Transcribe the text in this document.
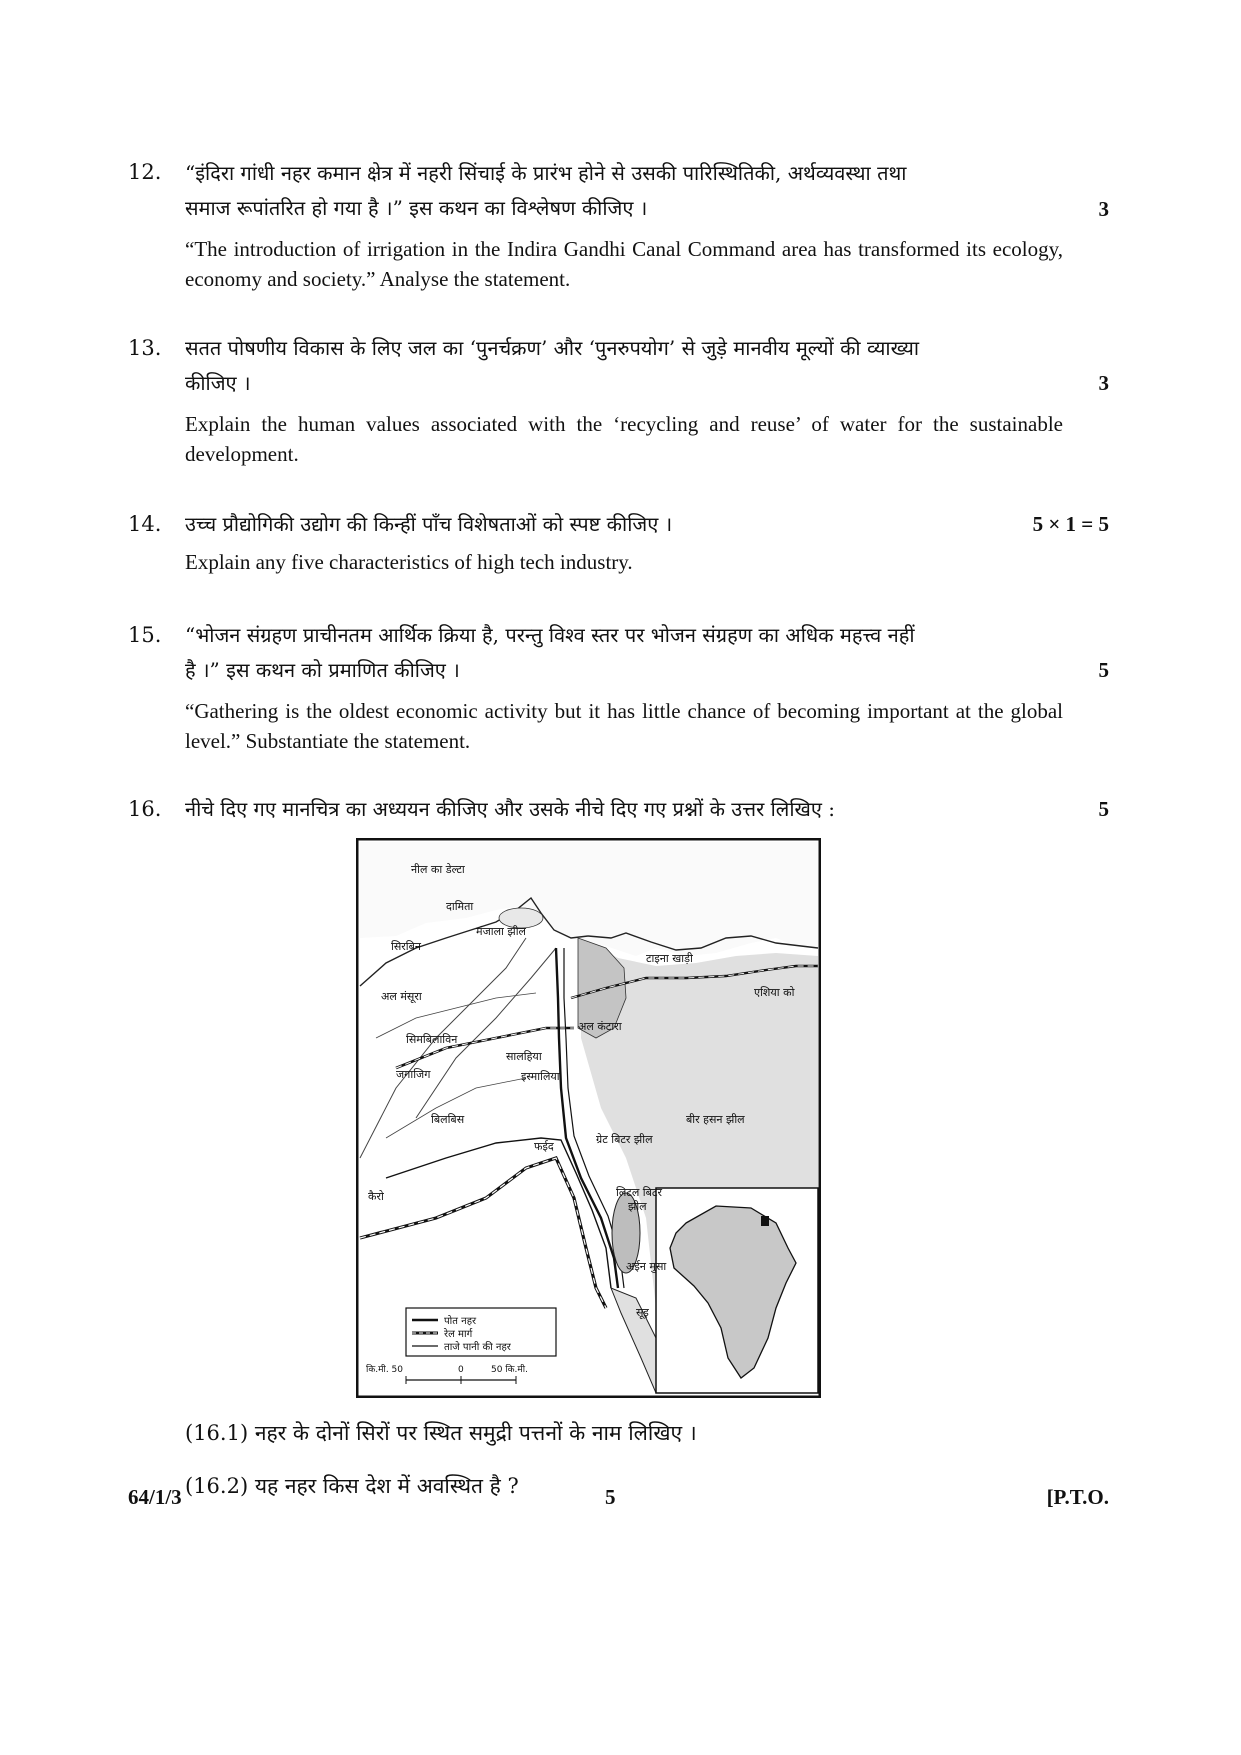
12. “इंदिरा गांधी नहर कमान क्षेत्र में नहरी सिंचाई के प्रारंभ होने से उसकी पारिस्थितिकी, अर्थव्यवस्था तथा
समाज रूपांतरित हो गया है ।” इस कथन का विश्लेषण कीजिए ।	3
“The introduction of irrigation in the Indira Gandhi Canal Command area has transformed its ecology, economy and society.” Analyse the statement.
13. सतत पोषणीय विकास के लिए जल का ‘पुनर्चक्रण’ और ‘पुनरुपयोग’ से जुड़े मानवीय मूल्यों की व्याख्या
कीजिए ।	3
Explain the human values associated with the ‘recycling and reuse’ of water for the sustainable development.
14. उच्च प्रौद्योगिकी उद्योग की किन्हीं पाँच विशेषताओं को स्पष्ट कीजिए ।	5 × 1 = 5
Explain any five characteristics of high tech industry.
15. “भोजन संग्रहण प्राचीनतम आर्थिक क्रिया है, परन्तु विश्व स्तर पर भोजन संग्रहण का अधिक महत्त्व नहीं
है ।” इस कथन को प्रमाणित कीजिए ।	5
“Gathering is the oldest economic activity but it has little chance of becoming important at the global level.” Substantiate the statement.
16. नीचे दिए गए मानचित्र का अध्ययन कीजिए और उसके नीचे दिए गए प्रश्नों के उत्तर लिखिए :	5
पोत नहर
रेल मार्ग
ताजे पानी की नहर
कि.मी. 50	0	50 कि.मी.
नील का डेल्टा
दामिता
मंजाला झील
सिरबिन
टाइना खाड़ी
अल मंसूरा	एशिया को
अल कंटारा
सिमबिलाविन
सालहिया
जगाजिग	इस्मालिया
बिलबिस	बीर हसन झील
फईद
ग्रेट बिटर झील
कैरो	लिटल बिटर
झील
अईन मुसा
सूइ
(16.1) नहर के दोनों सिरों पर स्थित समुद्री पत्तनों के नाम लिखिए ।
(16.2) यह नहर किस देश में अवस्थित है ?
64/1/3	5	[P.T.O.
